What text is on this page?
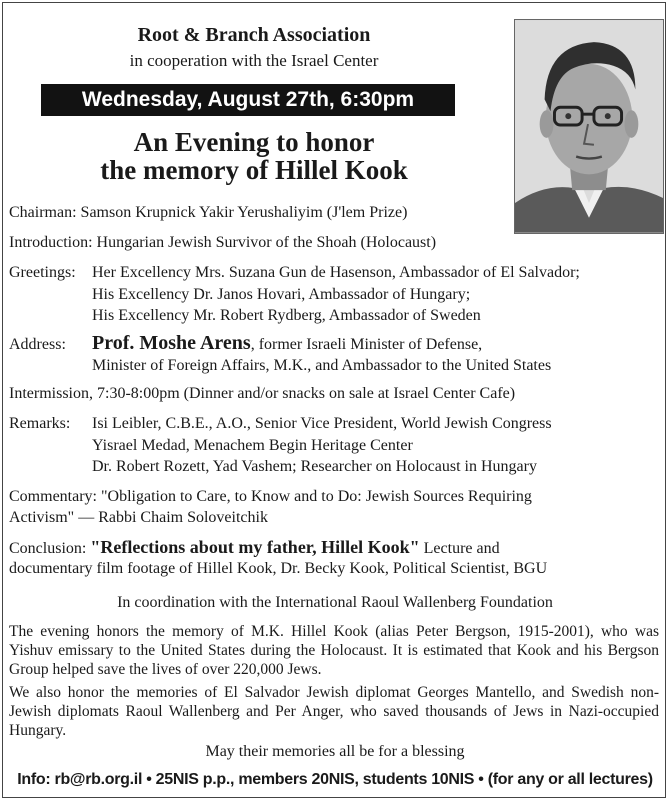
Root & Branch Association
in cooperation with the Israel Center
Wednesday, August 27th, 6:30pm
An Evening to honor
the memory of Hillel Kook
Chairman: Samson Krupnick Yakir Yerushaliyim (J'lem Prize)
Introduction: Hungarian Jewish Survivor of the Shoah (Holocaust)
Greetings: Her Excellency Mrs. Suzana Gun de Hasenson, Ambassador of El Salvador;
His Excellency Dr. Janos Hovari, Ambassador of Hungary;
His Excellency Mr. Robert Rydberg, Ambassador of Sweden
Address: Prof. Moshe Arens, former Israeli Minister of Defense,
Minister of Foreign Affairs, M.K., and Ambassador to the United States
Intermission, 7:30-8:00pm (Dinner and/or snacks on sale at Israel Center Cafe)
Remarks: Isi Leibler, C.B.E., A.O., Senior Vice President, World Jewish Congress
Yisrael Medad, Menachem Begin Heritage Center
Dr. Robert Rozett, Yad Vashem; Researcher on Holocaust in Hungary
Commentary: "Obligation to Care, to Know and to Do: Jewish Sources Requiring
Activism" — Rabbi Chaim Soloveitchik
Conclusion: "Reflections about my father, Hillel Kook" Lecture and
documentary film footage of Hillel Kook, Dr. Becky Kook, Political Scientist, BGU
In coordination with the International Raoul Wallenberg Foundation

The evening honors the memory of M.K. Hillel Kook (alias Peter Bergson, 1915-2001), who was Yishuv emissary to the United States during the Holocaust. It is estimated that Kook and his Bergson Group helped save the lives of over 220,000 Jews.

We also honor the memories of El Salvador Jewish diplomat Georges Mantello, and Swedish non-Jewish diplomats Raoul Wallenberg and Per Anger, who saved thousands of Jews in Nazi-occupied Hungary.

May their memories all be for a blessing
Info: rb@rb.org.il • 25NIS p.p., members 20NIS, students 10NIS • (for any or all lectures)
